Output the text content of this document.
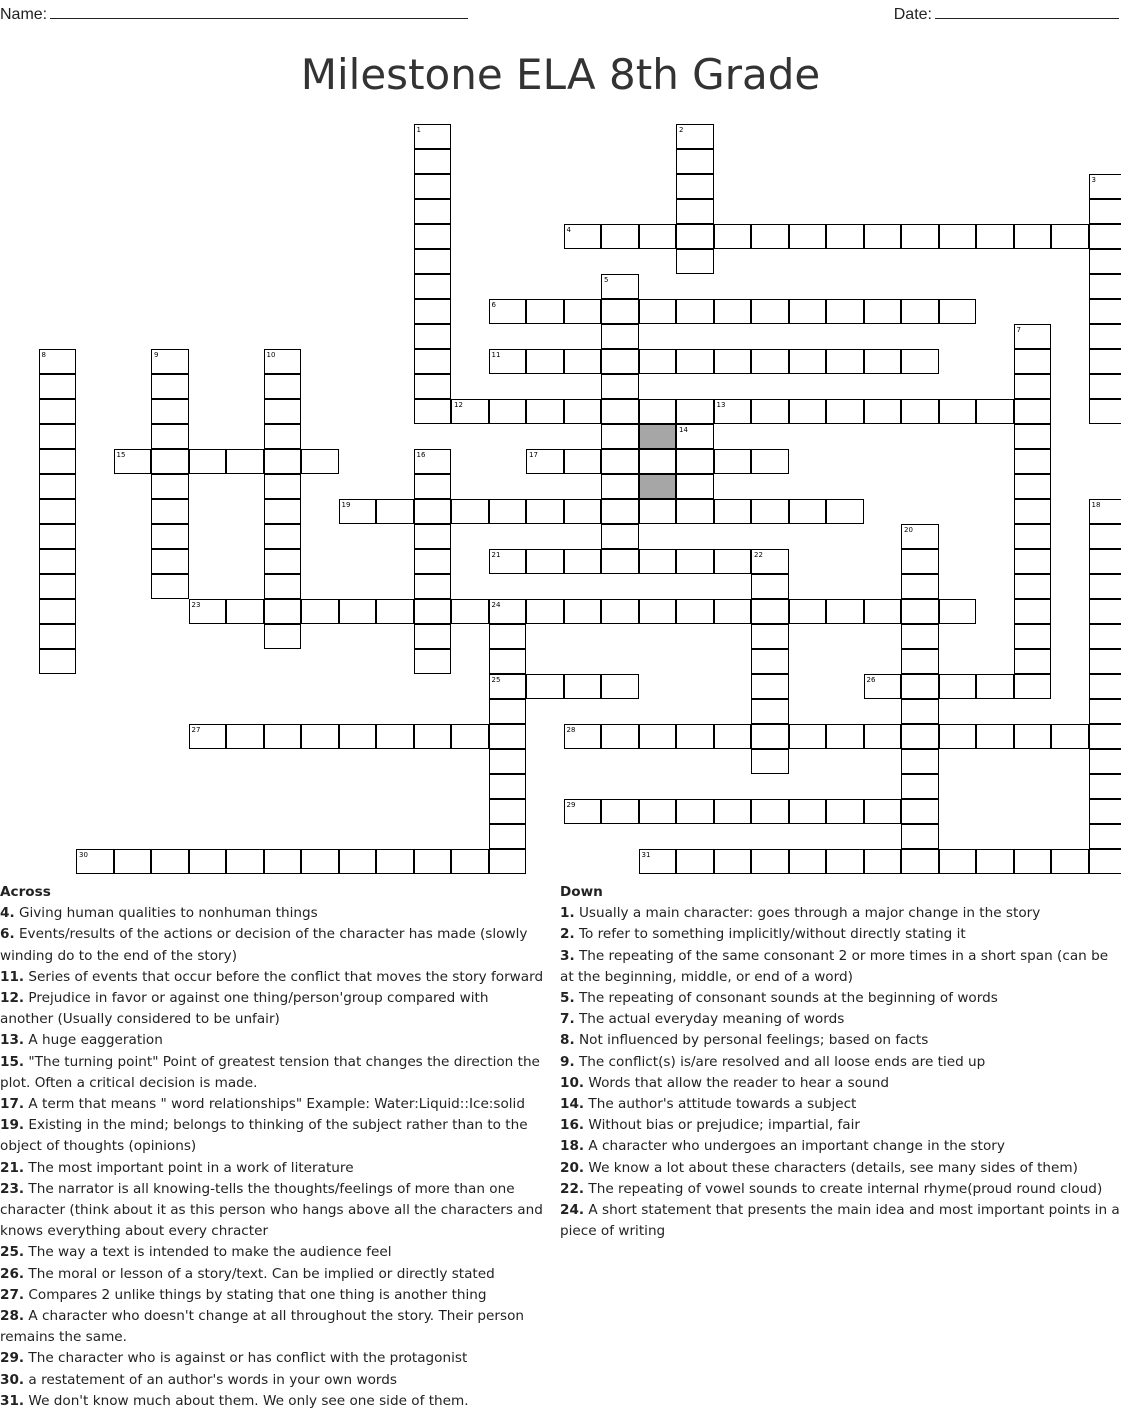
Name:	Date:
Milestone ELA 8th Grade
1	2
3
4
5
6
7
8	9	10	11
12	13
14
15	16	17
18
19
20
21	22
23	24
25	26
27	28
29
30	31
Across

4. Giving human qualities to nonhuman things

6. Events/results of the actions or decision of the character has made (slowly winding do to the end of the story)

11. Series of events that occur before the conflict that moves the story forward

12. Prejudice in favor or against one thing/person'group compared with another (Usually considered to be unfair)

13. A huge eaggeration

15. "The turning point" Point of greatest tension that changes the direction the plot. Often a critical decision is made.

17. A term that means " word relationships" Example: Water:Liquid::Ice:solid

19. Existing in the mind; belongs to thinking of the subject rather than to the object of thoughts (opinions)

21. The most important point in a work of literature

23. The narrator is all knowing-tells the thoughts/feelings of more than one character (think about it as this person who hangs above all the characters and knows everything about every chracter

25. The way a text is intended to make the audience feel

26. The moral or lesson of a story/text. Can be implied or directly stated

27. Compares 2 unlike things by stating that one thing is another thing

28. A character who doesn't change at all throughout the story. Their person remains the same.

29. The character who is against or has conflict with the protagonist

30. a restatement of an author's words in your own words

31. We don't know much about them. We only see one side of them.

Down

1. Usually a main character: goes through a major change in the story

2. To refer to something implicitly/without directly stating it

3. The repeating of the same consonant 2 or more times in a short span (can be at the beginning, middle, or end of a word)

5. The repeating of consonant sounds at the beginning of words

7. The actual everyday meaning of words

8. Not influenced by personal feelings; based on facts

9. The conflict(s) is/are resolved and all loose ends are tied up

10. Words that allow the reader to hear a sound

14. The author's attitude towards a subject

16. Without bias or prejudice; impartial, fair

18. A character who undergoes an important change in the story

20. We know a lot about these characters (details, see many sides of them)

22. The repeating of vowel sounds to create internal rhyme(proud round cloud)

24. A short statement that presents the main idea and most important points in a piece of writing
